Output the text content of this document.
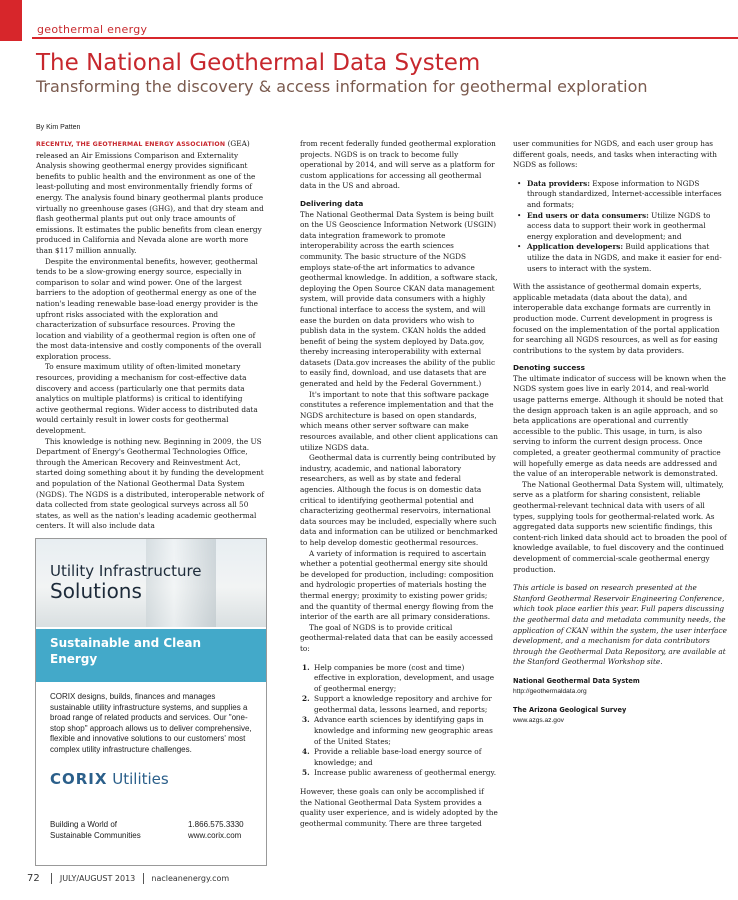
geothermal energy
The National Geothermal Data System
Transforming the discovery & access information for geothermal exploration
By Kim Patten

RECENTLY, THE GEOTHERMAL ENERGY ASSOCIATION (GEA) released an Air Emissions Comparison and Externality Analysis showing geothermal energy provides significant benefits to public health and the environment as one of the least-polluting and most environmentally friendly forms of energy. The analysis found binary geothermal plants produce virtually no greenhouse gases (GHG), and that dry steam and flash geothermal plants put out only trace amounts of emissions. It estimates the public benefits from clean energy produced in California and Nevada alone are worth more than $117 million annually.

Despite the environmental benefits, however, geothermal tends to be a slow-growing energy source, especially in comparison to solar and wind power. One of the largest barriers to the adoption of geothermal energy as one of the nation's leading renewable base-load energy provider is the upfront risks associated with the exploration and characterization of subsurface resources. Proving the location and viability of a geothermal region is often one of the most data-intensive and costly components of the overall exploration process.

To ensure maximum utility of often-limited monetary resources, providing a mechanism for cost-effective data discovery and access (particularly one that permits data analytics on multiple platforms) is critical to identifying active geothermal regions. Wider access to distributed data would certainly result in lower costs for geothermal development.

This knowledge is nothing new. Beginning in 2009, the US Department of Energy's Geothermal Technologies Office, through the American Recovery and Reinvestment Act, started doing something about it by funding the development and population of the National Geothermal Data System (NGDS). The NGDS is a distributed, interoperable network of data collected from state geological surveys across all 50 states, as well as the nation's leading academic geothermal centers. It will also include data

from recent federally funded geothermal exploration projects. NGDS is on track to become fully operational by 2014, and will serve as a platform for custom applications for accessing all geothermal data in the US and abroad.

Delivering data

The National Geothermal Data System is being built on the US Geoscience Information Network (USGIN) data integration framework to promote interoperability across the earth sciences community. The basic structure of the NGDS employs state-of-the art informatics to advance geothermal knowledge. In addition, a software stack, deploying the Open Source CKAN data management system, will provide data consumers with a highly functional interface to access the system, and will ease the burden on data providers who wish to publish data in the system. CKAN holds the added benefit of being the system deployed by Data.gov, thereby increasing interoperability with external datasets (Data.gov increases the ability of the public to easily find, download, and use datasets that are generated and held by the Federal Government.)

It's important to note that this software package constitutes a reference implementation and that the NGDS architecture is based on open standards, which means other server software can make resources available, and other client applications can utilize NGDS data.

Geothermal data is currently being contributed by industry, academic, and national laboratory researchers, as well as by state and federal agencies. Although the focus is on domestic data critical to identifying geothermal potential and characterizing geothermal reservoirs, international data sources may be included, especially where such data and information can be utilized or benchmarked to help develop domestic geothermal resources.

A variety of information is required to ascertain whether a potential geothermal energy site should be developed for production, including: composition and hydrologic properties of materials hosting the thermal energy; proximity to existing power grids; and the quantity of thermal energy flowing from the interior of the earth are all primary considerations.

The goal of NGDS is to provide critical geothermal-related data that can be easily accessed to:

1. Help companies be more (cost and time) effective in exploration, development, and usage of geothermal energy;
2. Support a knowledge repository and archive for geothermal data, lessons learned, and reports;
3. Advance earth sciences by identifying gaps in knowledge and informing new geographic areas of the United States;
4. Provide a reliable base-load energy source of knowledge; and
5. Increase public awareness of geothermal energy.

However, these goals can only be accomplished if the National Geothermal Data System provides a quality user experience, and is widely adopted by the geothermal community. There are three targeted

user communities for NGDS, and each user group has different goals, needs, and tasks when interacting with NGDS as follows:

• Data providers: Expose information to NGDS through standardized, Internet-accessible interfaces and formats;
• End users or data consumers: Utilize NGDS to access data to support their work in geothermal energy exploration and development; and
• Application developers: Build applications that utilize the data in NGDS, and make it easier for end-users to interact with the system.

With the assistance of geothermal domain experts, applicable metadata (data about the data), and interoperable data exchange formats are currently in production mode. Current development in progress is focused on the implementation of the portal application for searching all NGDS resources, as well as for easing contributions to the system by data providers.

Denoting success

The ultimate indicator of success will be known when the NGDS system goes live in early 2014, and real-world usage patterns emerge. Although it should be noted that the design approach taken is an agile approach, and so beta applications are operational and currently accessible to the public. This usage, in turn, is also serving to inform the current design process. Once completed, a greater geothermal community of practice will hopefully emerge as data needs are addressed and the value of an interoperable network is demonstrated.

The National Geothermal Data System will, ultimately, serve as a platform for sharing consistent, reliable geothermal-relevant technical data with users of all types, supplying tools for geothermal-related work. As aggregated data supports new scientific findings, this content-rich linked data should act to broaden the pool of knowledge available, to fuel discovery and the continued development of commercial-scale geothermal energy production.

This article is based on research presented at the Stanford Geothermal Reservoir Engineering Conference, which took place earlier this year. Full papers discussing the geothermal data and metadata community needs, the application of CKAN within the system, the user interface development, and a mechanism for data contributors through the Geothermal Data Repository, are available at the Stanford Geothermal Workshop site.

National Geothermal Data System

http://geothermaldata.org

The Arizona Geological Survey

www.azgs.az.gov

Utility Infrastructure
Solutions
Sustainable and Clean Energy
CORIX designs, builds, finances and manages sustainable utility infrastructure systems, and supplies a broad range of related products and services. Our "one-stop shop" approach allows us to deliver comprehensive, flexible and innovative solutions to our customers' most complex utility infrastructure challenges.
CORIX Utilities
Building a World of
Sustainable Communities
1.866.575.3330
www.corix.com
72	JULY/AUGUST 2013 nacleanenergy.com
